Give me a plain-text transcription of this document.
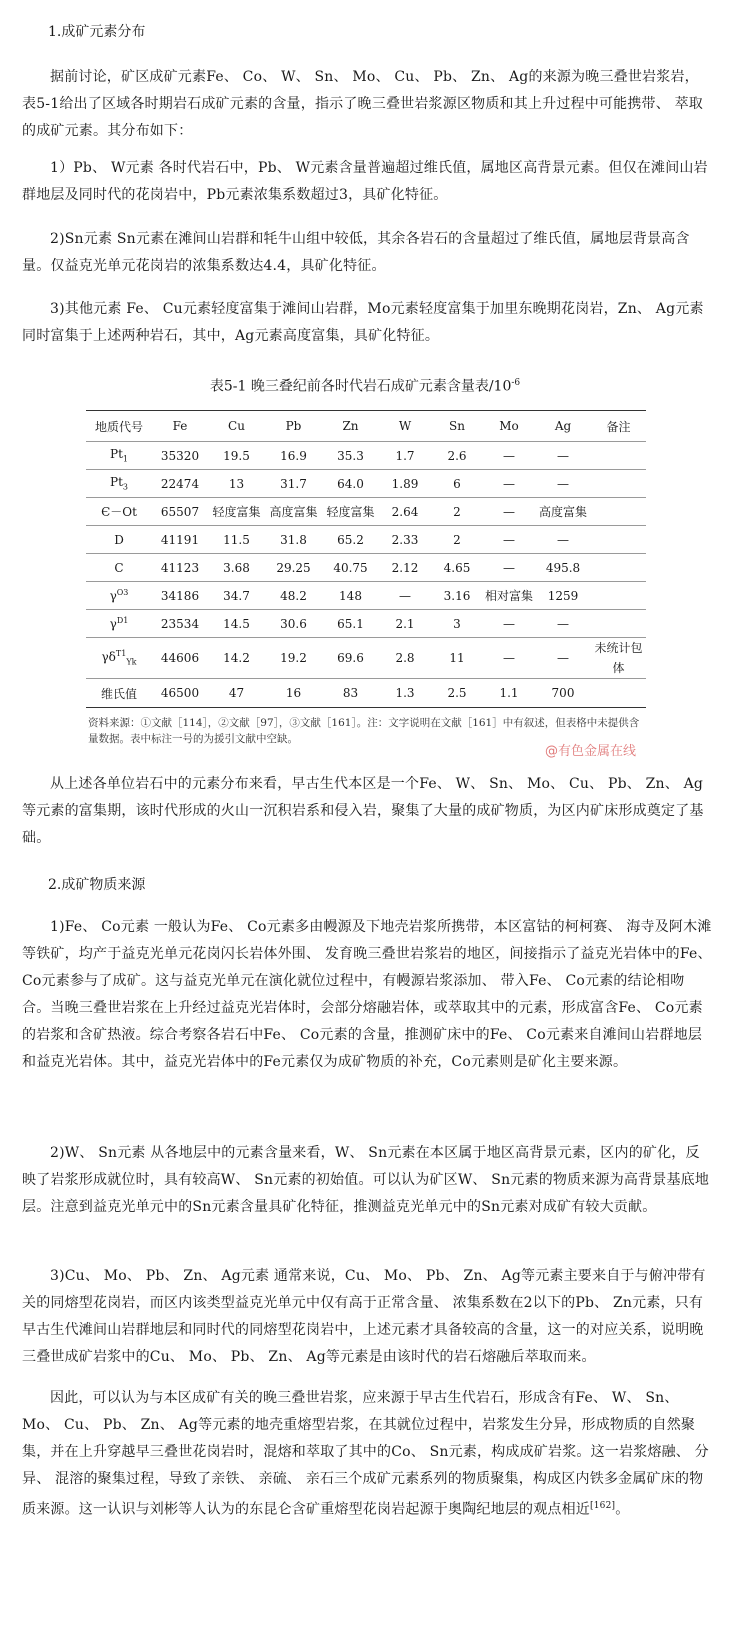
1.成矿元素分布

据前讨论，矿区成矿元素Fe、 Co、 W、 Sn、 Mo、 Cu、 Pb、 Zn、 Ag的来源为晚三叠世岩浆岩，表5-1给出了区域各时期岩石成矿元素的含量，指示了晚三叠世岩浆源区物质和其上升过程中可能携带、 萃取的成矿元素。其分布如下：

1）Pb、 W元素 各时代岩石中，Pb、 W元素含量普遍超过维氏值，属地区高背景元素。但仅在滩间山岩群地层及同时代的花岗岩中，Pb元素浓集系数超过3，具矿化特征。

2)Sn元素 Sn元素在滩间山岩群和牦牛山组中较低，其余各岩石的含量超过了维氏值，属地层背景高含量。仅益克光单元花岗岩的浓集系数达4.4，具矿化特征。

3)其他元素 Fe、 Cu元素轻度富集于滩间山岩群，Mo元素轻度富集于加里东晚期花岗岩，Zn、 Ag元素同时富集于上述两种岩石，其中，Ag元素高度富集，具矿化特征。

表5-1 晚三叠纪前各时代岩石成矿元素含量表$/10^{-6}$
地质代号	Fe	Cu	Pb	Zn	W	Sn	Mo	Ag	备注
$Pt_1$	35320	19.5	16.9	35.3	1.7	2.6	—	—	
$Pt_3$	22474	13	31.7	64.0	1.89	6	—	—	
Є－Ot	65507	轻度富集	高度富集	轻度富集	2.64	2	—	高度富集	
D	41191	11.5	31.8	65.2	2.33	2	—	—	
C	41123	3.68	29.25	40.75	2.12	4.65	—	495.8	
$\gamma^{O3}$	34186	34.7	48.2	148	—	3.16	相对富集	1259	
$\gamma^{D1}$	23534	14.5	30.6	65.1	2.1	3	—	—	
$\gamma\delta^{T1}_{Yk}$	44606	14.2	19.2	69.6	2.8	11	—	—	未统计包体
维氏值	46500	47	16	83	1.3	2.5	1.1	700	
资料来源：①文献［114］，②文献［97］，③文献［161］。注：文字说明在文献［161］中有叙述，但表格中未提供含量数据。表中标注一号的为援引文献中空缺。
@有色金属在线

从上述各单位岩石中的元素分布来看，早古生代本区是一个Fe、 W、 Sn、 Mo、 Cu、 Pb、 Zn、 Ag等元素的富集期，该时代形成的火山一沉积岩系和侵入岩，聚集了大量的成矿物质，为区内矿床形成奠定了基础。

2.成矿物质来源

1)Fe、 Co元素 一般认为Fe、 Co元素多由幔源及下地壳岩浆所携带，本区富钴的柯柯赛、 海寺及阿木滩等铁矿，均产于益克光单元花岗闪长岩体外围、 发育晚三叠世岩浆岩的地区，间接指示了益克光岩体中的Fe、 Co元素参与了成矿。这与益克光单元在演化就位过程中，有幔源岩浆添加、 带入Fe、 Co元素的结论相吻合。当晚三叠世岩浆在上升经过益克光岩体时，会部分熔融岩体，或萃取其中的元素，形成富含Fe、 Co元素的岩浆和含矿热液。综合考察各岩石中Fe、 Co元素的含量，推测矿床中的Fe、 Co元素来自滩间山岩群地层和益克光岩体。其中，益克光岩体中的Fe元素仅为成矿物质的补充，Co元素则是矿化主要来源。

2)W、 Sn元素 从各地层中的元素含量来看，W、 Sn元素在本区属于地区高背景元素，区内的矿化，反映了岩浆形成就位时，具有较高W、 Sn元素的初始值。可以认为矿区W、 Sn元素的物质来源为高背景基底地层。注意到益克光单元中的Sn元素含量具矿化特征，推测益克光单元中的Sn元素对成矿有较大贡献。

3)Cu、 Mo、 Pb、 Zn、 Ag元素 通常来说，Cu、 Mo、 Pb、 Zn、 Ag等元素主要来自于与俯冲带有关的同熔型花岗岩，而区内该类型益克光单元中仅有高于正常含量、 浓集系数在2以下的Pb、 Zn元素，只有早古生代滩间山岩群地层和同时代的同熔型花岗岩中，上述元素才具备较高的含量，这一的对应关系，说明晚三叠世成矿岩浆中的Cu、 Mo、 Pb、 Zn、 Ag等元素是由该时代的岩石熔融后萃取而来。

因此，可以认为与本区成矿有关的晚三叠世岩浆，应来源于早古生代岩石，形成含有Fe、 W、 Sn、 Mo、 Cu、 Pb、 Zn、 Ag等元素的地壳重熔型岩浆，在其就位过程中，岩浆发生分异，形成物质的自然聚集，并在上升穿越早三叠世花岗岩时，混熔和萃取了其中的Co、 Sn元素，构成成矿岩浆。这一岩浆熔融、 分异、 混溶的聚集过程，导致了亲铁、 亲硫、 亲石三个成矿元素系列的物质聚集，构成区内铁多金属矿床的物质来源。这一认识与刘彬等人认为的东昆仑含矿重熔型花岗岩起源于奥陶纪地层的观点相近[162]。
